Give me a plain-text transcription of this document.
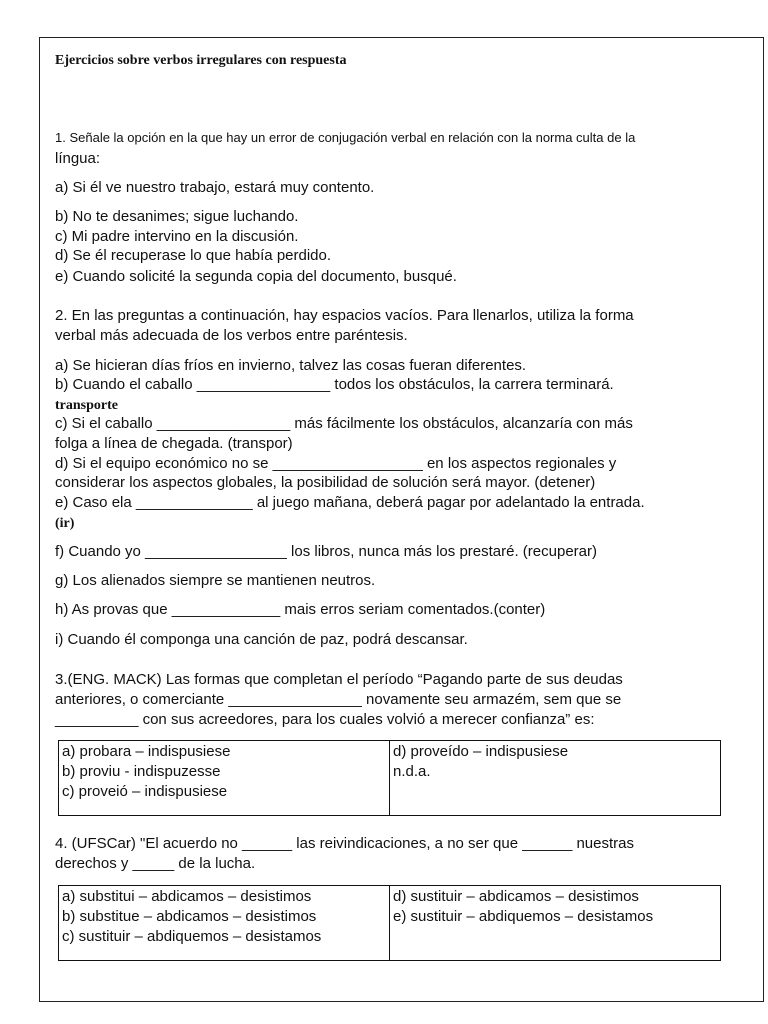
Ejercicios sobre verbos irregulares con respuesta
1. Señale la opción en la que hay un error de conjugación verbal en relación con la norma culta de la
língua:
a) Si él ve nuestro trabajo, estará muy contento.
b) No te desanimes; sigue luchando.
c) Mi padre intervino en la discusión.
d) Se él recuperase lo que había perdido.
e) Cuando solicité la segunda copia del documento, busqué.
2. En las preguntas a continuación, hay espacios vacíos. Para llenarlos, utiliza la forma
verbal más adecuada de los verbos entre paréntesis.
a) Se hicieran días fríos en invierno, talvez las cosas fueran diferentes.
b) Cuando el caballo ________________ todos los obstáculos, la carrera terminará.
transporte
c) Si el caballo ________________ más fácilmente los obstáculos, alcanzaría con más
folga a línea de chegada. (transpor)
d) Si el equipo económico no se __________________ en los aspectos regionales y
considerar los aspectos globales, la posibilidad de solución será mayor. (detener)
e) Caso ela ______________ al juego mañana, deberá pagar por adelantado la entrada.
(ir)
f) Cuando yo _________________ los libros, nunca más los prestaré. (recuperar)
g) Los alienados siempre se mantienen neutros.
h) As provas que _____________ mais erros seriam comentados.(conter)
i) Cuando él componga una canción de paz, podrá descansar.
3.(ENG. MACK) Las formas que completan el período “Pagando parte de sus deudas
anteriores, o comerciante ________________ novamente seu armazém, sem que se
__________ con sus acreedores, para los cuales volvió a merecer confianza” es:
a) probara – indispusiese
b) proviu - indispuzesse
c) proveió – indispusiese

d) proveído – indispusiese
n.d.a.
4. (UFSCar) "El acuerdo no ______ las reivindicaciones, a no ser que ______ nuestras
derechos y _____ de la lucha.
a) substitui – abdicamos – desistimos
b) substitue – abdicamos – desistimos
c) sustituir – abdiquemos – desistamos

d) sustituir – abdicamos – desistimos
e) sustituir – abdiquemos – desistamos
